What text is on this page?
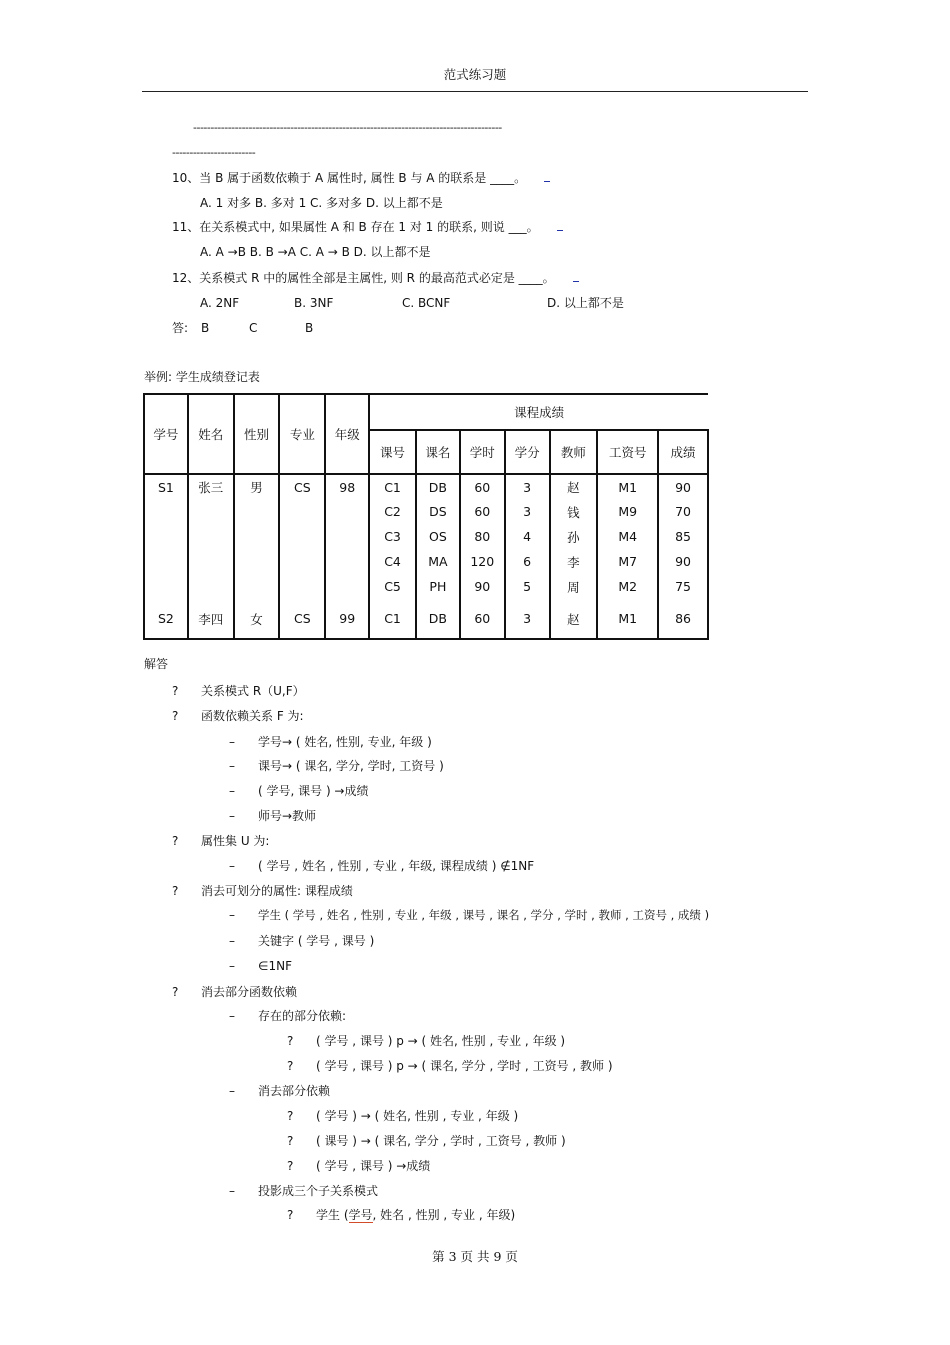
范式练习题
-----------------------------------------------------------------------------------------
------------------------
10、当 B 属于函数依赖于 A 属性时, 属性 B 与 A 的联系是 ____。
A. 1 对多 B. 多对 1 C. 多对多 D. 以上都不是
11、在关系模式中, 如果属性 A 和 B 存在 1 对 1 的联系, 则说 ___。
A. A →B B. B →A C. A → B D. 以上都不是
12、关系模式 R 中的属性全部是主属性, 则 R 的最高范式必定是 ____。
A. 2NF	B. 3NF	C. BCNF	D. 以上都不是
答: B	C	B
举例: 学生成绩登记表
学号	姓名	性别	专业	年级	课程成绩						
					课号	课名	学时	学分	教师	工资号	成绩
S1	张三	男	CS	98	C1	DB	60	3	赵	M1	90
					C2	DS	60	3	钱	M9	70
					C3	OS	80	4	孙	M4	85
					C4	MA	120	6	李	M7	90
					C5	PH	90	5	周	M2	75
S2	李四	女	CS	99	C1	DB	60	3	赵	M1	86
解答
? 关系模式 R（U,F）
? 函数依赖关系 F 为:
– 学号→ ( 姓名, 性别, 专业, 年级 )
– 课号→ ( 课名, 学分, 学时, 工资号 )
– ( 学号, 课号 ) →成绩
– 师号→教师
? 属性集 U 为:
– ( 学号 , 姓名 , 性别 , 专业 , 年级, 课程成绩 ) ∉1NF
? 消去可划分的属性: 课程成绩
– 学生 ( 学号 , 姓名 , 性别 , 专业 , 年级 , 课号 , 课名 , 学分 , 学时 , 教师 , 工资号 , 成绩 )
– 关键字 ( 学号 , 课号 )
– ∈1NF
? 消去部分函数依赖
– 存在的部分依赖:
? ( 学号 , 课号 ) p → ( 姓名, 性别 , 专业 , 年级 )
? ( 学号 , 课号 ) p → ( 课名, 学分 , 学时 , 工资号 , 教师 )
– 消去部分依赖
? ( 学号 ) → ( 姓名, 性别 , 专业 , 年级 )
? ( 课号 ) → ( 课名, 学分 , 学时 , 工资号 , 教师 )
? ( 学号 , 课号 ) →成绩
– 投影成三个子关系模式
? 学生 (学号, 姓名 , 性别 , 专业 , 年级)
第 3 页 共 9 页
